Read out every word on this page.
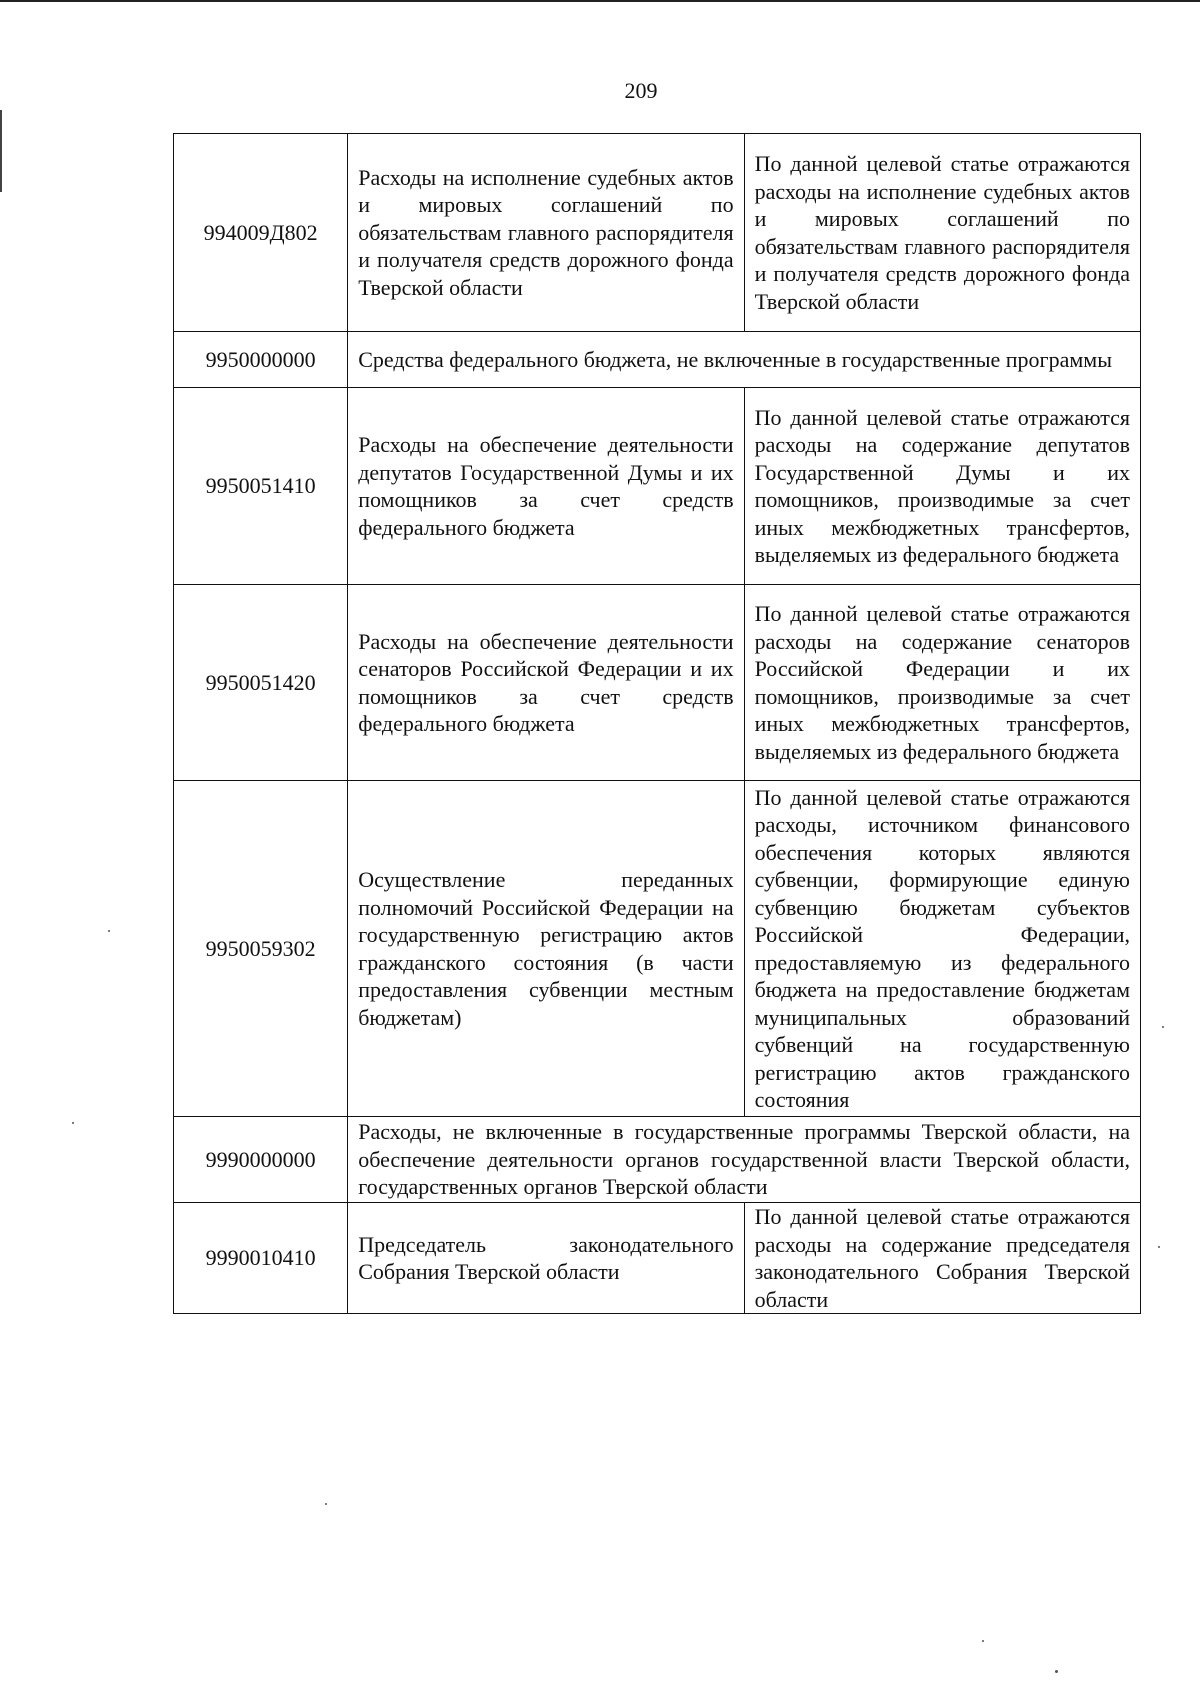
209
994009Д802	Расходы на исполнение судебных актов и мировых соглашений по обязательствам главного распорядителя и получателя средств дорожного фонда Тверской области	По данной целевой статье отражаются расходы на исполнение судебных актов и мировых соглашений по обязательствам главного распорядителя и получателя средств дорожного фонда Тверской области
9950000000	Средства федерального бюджета, не включенные в государственные программы	
9950051410	Расходы на обеспечение деятельности депутатов Государственной Думы и их помощников за счет средств федерального бюджета	По данной целевой статье отражаются расходы на содержание депутатов Государственной Думы и их помощников, производимые за счет иных межбюджетных трансфертов, выделяемых из федерального бюджета
9950051420	Расходы на обеспечение деятельности сенаторов Российской Федерации и их помощников за счет средств федерального бюджета	По данной целевой статье отражаются расходы на содержание сенаторов Российской Федерации и их помощников, производимые за счет иных межбюджетных трансфертов, выделяемых из федерального бюджета
9950059302	Осуществление переданных полномочий Российской Федерации на государственную регистрацию актов гражданского состояния (в части предоставления субвенции местным бюджетам)	По данной целевой статье отражаются расходы, источником финансового обеспечения которых являются субвенции, формирующие единую субвенцию бюджетам субъектов Российской Федерации, предоставляемую из федерального бюджета на предоставление бюджетам муниципальных образований субвенций на государственную регистрацию актов гражданского состояния
9990000000	Расходы, не включенные в государственные программы Тверской области, на обеспечение деятельности органов государственной власти Тверской области, государственных органов Тверской области	
9990010410	Председатель законодательного Собрания Тверской области	По данной целевой статье отражаются расходы на содержание председателя законодательного Собрания Тверской области
